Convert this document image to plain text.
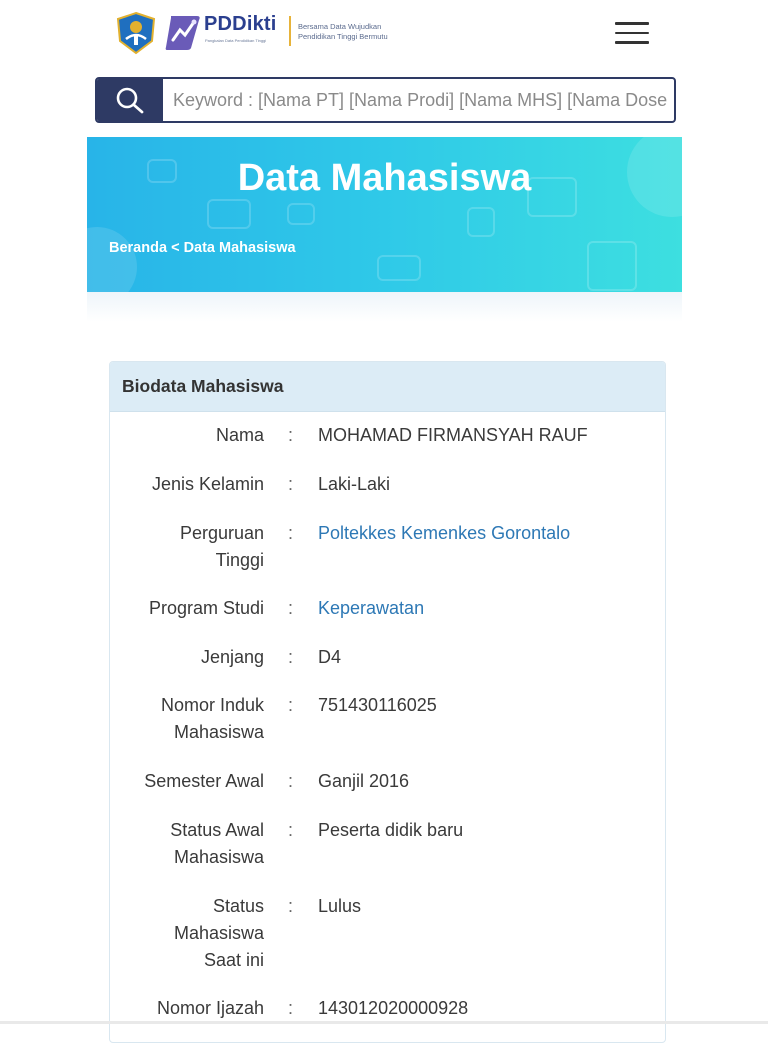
PDDikti
Pangkalan Data Pendidikan Tinggi
Bersama Data Wujudkan Pendidikan Tinggi Bermutu
Keyword : [Nama PT] [Nama Prodi] [Nama MHS] [Nama Dosen]
Data Mahasiswa
Beranda < Data Mahasiswa
Biodata Mahasiswa
Nama : MOHAMAD FIRMANSYAH RAUF
Jenis Kelamin : Laki-Laki
Perguruan Tinggi
: Poltekkes Kemenkes Gorontalo
Program Studi : Keperawatan
Jenjang : D4
Nomor Induk Mahasiswa
: 751430116025
Semester Awal : Ganjil 2016
Status Awal Mahasiswa
: Peserta didik baru
Status Mahasiswa Saat ini
: Lulus
Nomor Ijazah : 143012020000928
